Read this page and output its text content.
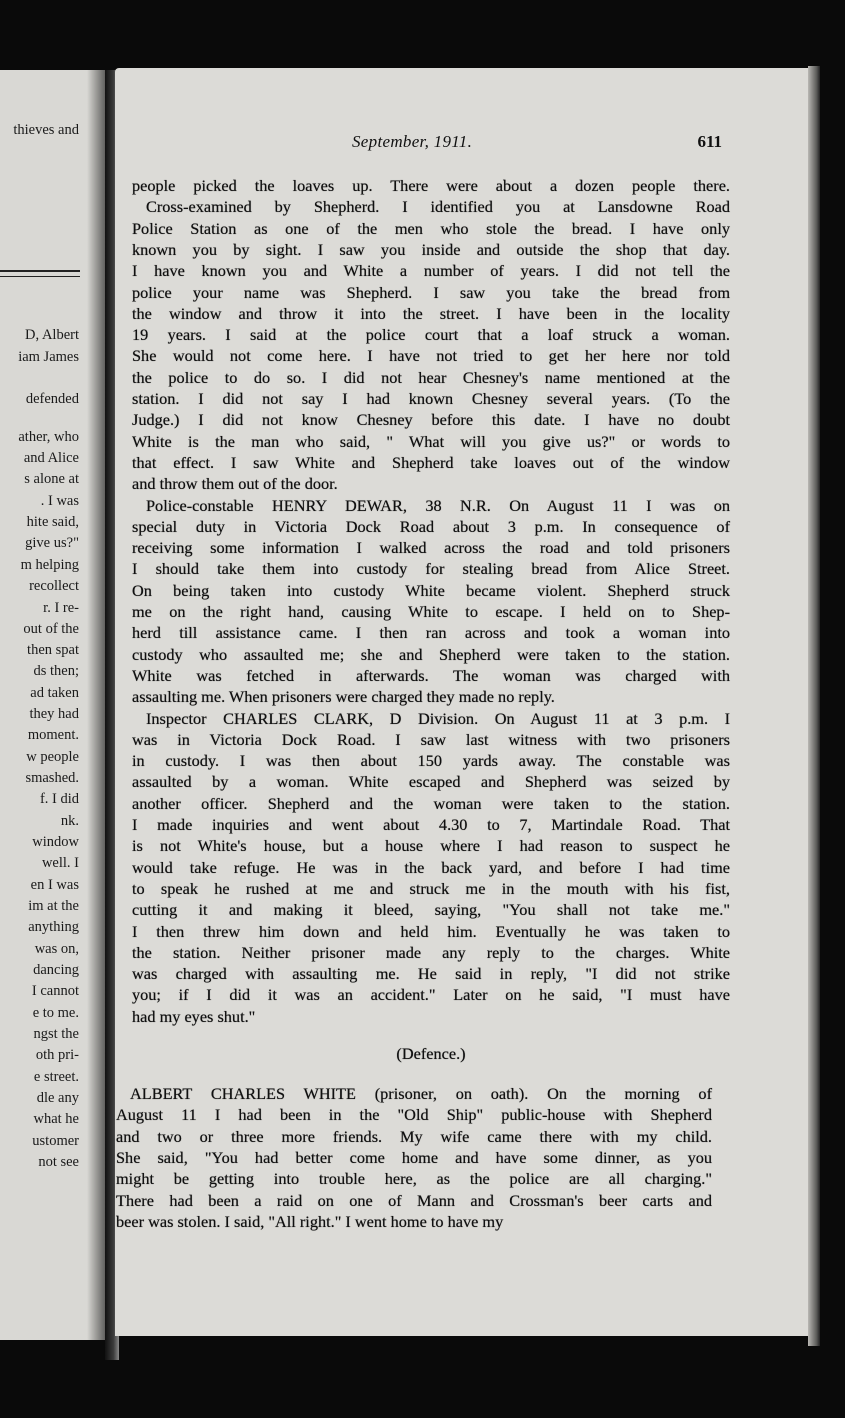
thieves and
D, Albert
iam James
defended
ather, who
and Alice
s alone at
. I was
hite said,
give us?"
m helping
recollect
r. I re-
out of the
then spat
ds then;
ad taken
they had
moment.
w people
smashed.
f. I did
nk.
window
well. I
en I was
im at the
anything
was on,
dancing
I cannot
e to me.
ngst the
oth pri-
e street.
dle any
what he
ustomer
not see
September, 1911.	611
people picked the loaves up. There were about a dozen people there.
Cross-examined by Shepherd. I identified you at Lansdowne Road
Police Station as one of the men who stole the bread. I have only
known you by sight. I saw you inside and outside the shop that day.
I have known you and White a number of years. I did not tell the
police your name was Shepherd. I saw you take the bread from
the window and throw it into the street. I have been in the locality
19 years. I said at the police court that a loaf struck a woman.
She would not come here. I have not tried to get her here nor told
the police to do so. I did not hear Chesney's name mentioned at the
station. I did not say I had known Chesney several years. (To the
Judge.) I did not know Chesney before this date. I have no doubt
White is the man who said, " What will you give us?" or words to
that effect. I saw White and Shepherd take loaves out of the window
and throw them out of the door.
Police-constable HENRY DEWAR, 38 N.R. On August 11 I was on
special duty in Victoria Dock Road about 3 p.m. In consequence of
receiving some information I walked across the road and told prisoners
I should take them into custody for stealing bread from Alice Street.
On being taken into custody White became violent. Shepherd struck
me on the right hand, causing White to escape. I held on to Shep-
herd till assistance came. I then ran across and took a woman into
custody who assaulted me; she and Shepherd were taken to the station.
White was fetched in afterwards. The woman was charged with
assaulting me. When prisoners were charged they made no reply.
Inspector CHARLES CLARK, D Division. On August 11 at 3 p.m. I
was in Victoria Dock Road. I saw last witness with two prisoners
in custody. I was then about 150 yards away. The constable was
assaulted by a woman. White escaped and Shepherd was seized by
another officer. Shepherd and the woman were taken to the station.
I made inquiries and went about 4.30 to 7, Martindale Road. That
is not White's house, but a house where I had reason to suspect he
would take refuge. He was in the back yard, and before I had time
to speak he rushed at me and struck me in the mouth with his fist,
cutting it and making it bleed, saying, "You shall not take me."
I then threw him down and held him. Eventually he was taken to
the station. Neither prisoner made any reply to the charges. White
was charged with assaulting me. He said in reply, "I did not strike
you; if I did it was an accident." Later on he said, "I must have
had my eyes shut."
(Defence.)
ALBERT CHARLES WHITE (prisoner, on oath). On the morning of
August 11 I had been in the "Old Ship" public-house with Shepherd
and two or three more friends. My wife came there with my child.
She said, "You had better come home and have some dinner, as you
might be getting into trouble here, as the police are all charging."
There had been a raid on one of Mann and Crossman's beer carts and
beer was stolen. I said, "All right." I went home to have my
